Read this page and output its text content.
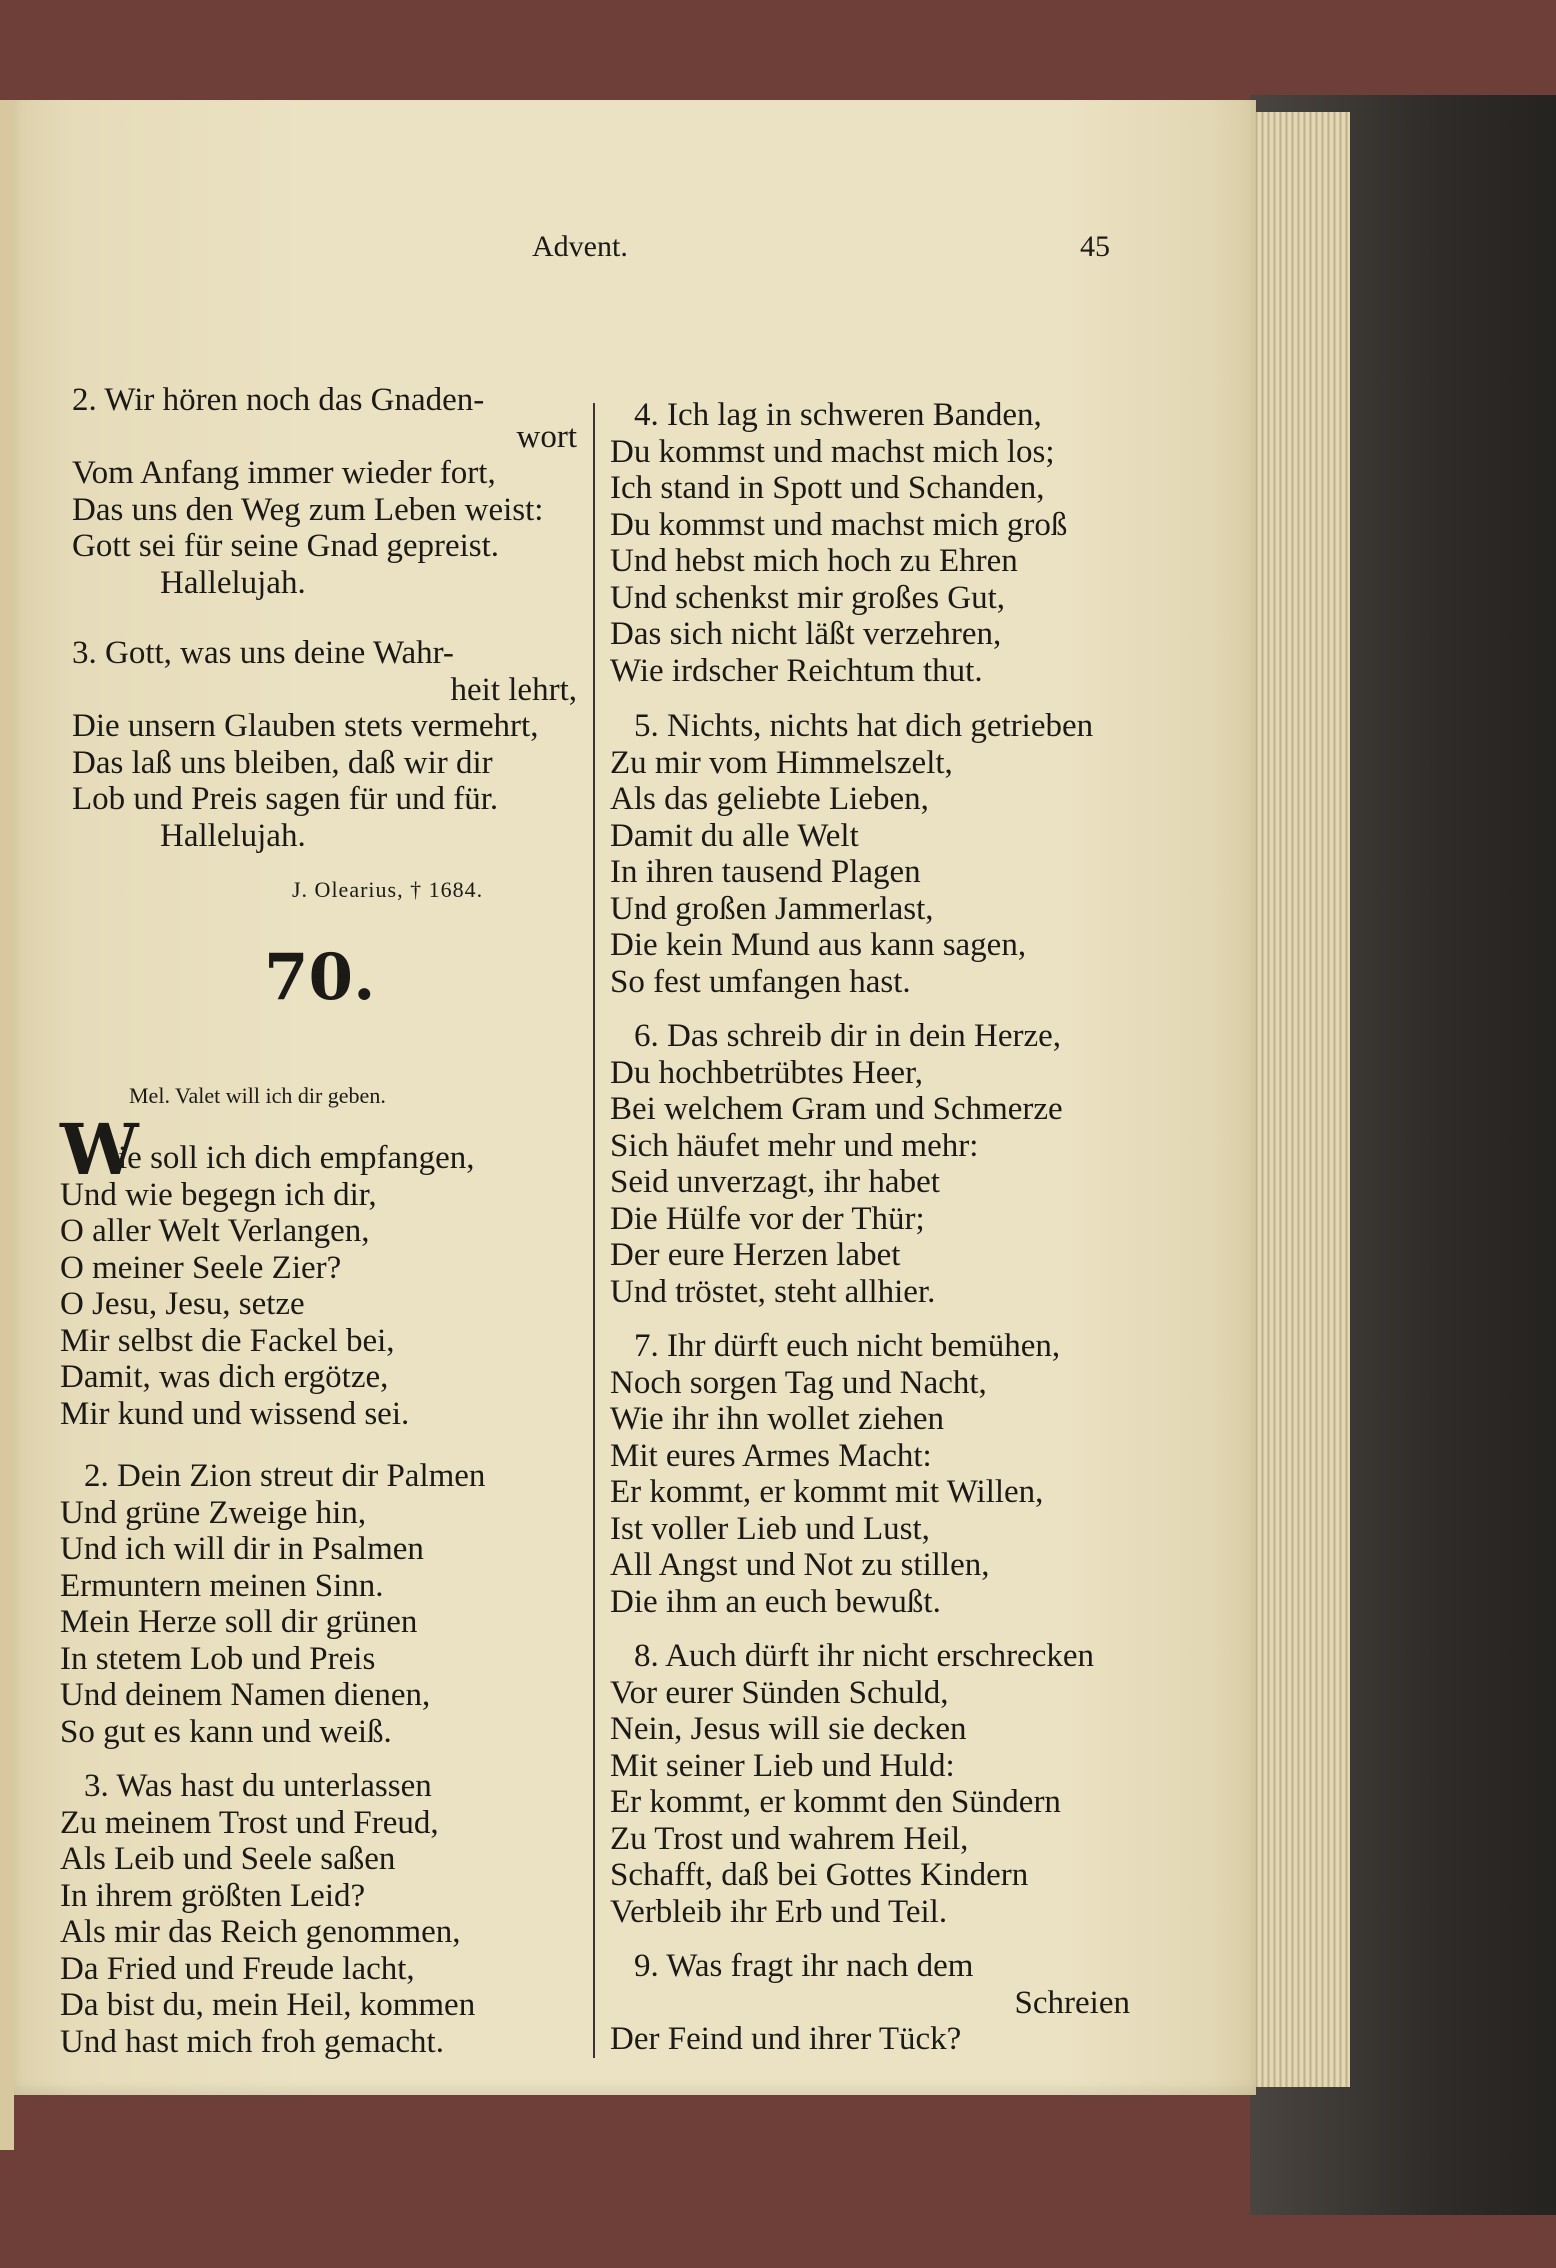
Advent.	45
2. Wir hören noch das Gnaden-
wort
Vom Anfang immer wieder fort,
Das uns den Weg zum Leben weist:
Gott sei für seine Gnad gepreist.
Hallelujah.
3. Gott, was uns deine Wahr-
heit lehrt,
Die unsern Glauben stets vermehrt,
Das laß uns bleiben, daß wir dir
Lob und Preis sagen für und für.
Hallelujah.
J. Olearius, † 1684.
70.
Mel. Valet will ich dir geben.
W
ie soll ich dich empfangen,
Und wie begegn ich dir,
O aller Welt Verlangen,
O meiner Seele Zier?
O Jesu, Jesu, setze
Mir selbst die Fackel bei,
Damit, was dich ergötze,
Mir kund und wissend sei.
2. Dein Zion streut dir Palmen
Und grüne Zweige hin,
Und ich will dir in Psalmen
Ermuntern meinen Sinn.
Mein Herze soll dir grünen
In stetem Lob und Preis
Und deinem Namen dienen,
So gut es kann und weiß.
3. Was hast du unterlassen
Zu meinem Trost und Freud,
Als Leib und Seele saßen
In ihrem größten Leid?
Als mir das Reich genommen,
Da Fried und Freude lacht,
Da bist du, mein Heil, kommen
Und hast mich froh gemacht.
4. Ich lag in schweren Banden,
Du kommst und machst mich los;
Ich stand in Spott und Schanden,
Du kommst und machst mich groß
Und hebst mich hoch zu Ehren
Und schenkst mir großes Gut,
Das sich nicht läßt verzehren,
Wie irdscher Reichtum thut.
5. Nichts, nichts hat dich getrieben
Zu mir vom Himmelszelt,
Als das geliebte Lieben,
Damit du alle Welt
In ihren tausend Plagen
Und großen Jammerlast,
Die kein Mund aus kann sagen,
So fest umfangen hast.
6. Das schreib dir in dein Herze,
Du hochbetrübtes Heer,
Bei welchem Gram und Schmerze
Sich häufet mehr und mehr:
Seid unverzagt, ihr habet
Die Hülfe vor der Thür;
Der eure Herzen labet
Und tröstet, steht allhier.
7. Ihr dürft euch nicht bemühen,
Noch sorgen Tag und Nacht,
Wie ihr ihn wollet ziehen
Mit eures Armes Macht:
Er kommt, er kommt mit Willen,
Ist voller Lieb und Lust,
All Angst und Not zu stillen,
Die ihm an euch bewußt.
8. Auch dürft ihr nicht erschrecken
Vor eurer Sünden Schuld,
Nein, Jesus will sie decken
Mit seiner Lieb und Huld:
Er kommt, er kommt den Sündern
Zu Trost und wahrem Heil,
Schafft, daß bei Gottes Kindern
Verbleib ihr Erb und Teil.
9. Was fragt ihr nach dem
Schreien
Der Feind und ihrer Tück?
